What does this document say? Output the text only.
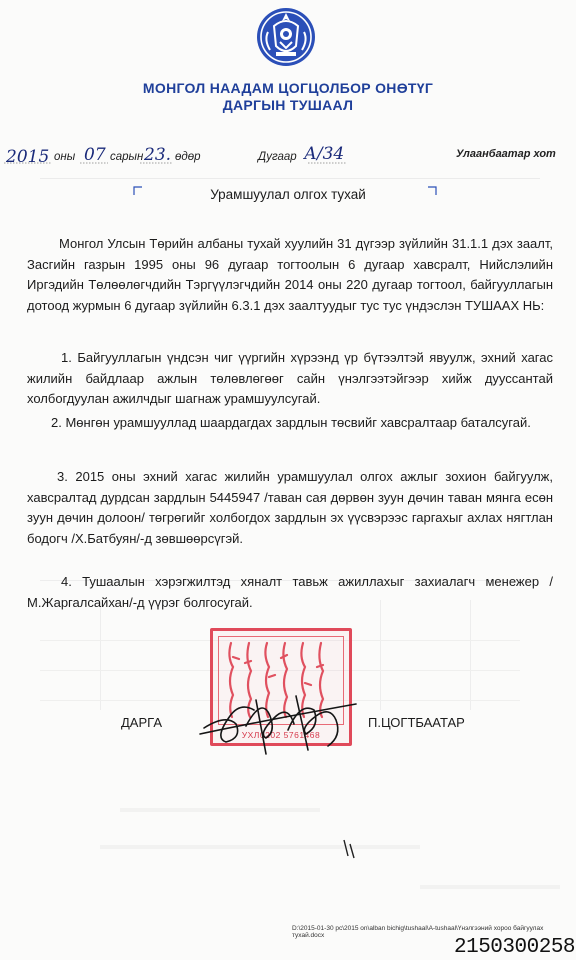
МОНГОЛ НААДАМ ЦОГЦОЛБОР ОНӨТҮГ
ДАРГЫН ТУШААЛ
2015 оны 07 сарын 23. өдөр	Дугаар А/34	Улаанбаатар хот
Урамшуулал олгох тухай
Монгол Улсын Төрийн албаны тухай хуулийн 31 дүгээр зүйлийн 31.1.1 дэх заалт, Засгийн газрын 1995 оны 96 дугаар тогтоолын 6 дугаар хавсралт, Нийслэлийн Иргэдийн Төлөөлөгчдийн Тэргүүлэгчдийн 2014 оны 220 дугаар тогтоол, байгууллагын дотоод журмын 6 дугаар зүйлийн 6.3.1 дэх заалтуудыг тус тус үндэслэн ТУШААХ НЬ:
1. Байгууллагын үндсэн чиг үүргийн хүрээнд үр бүтээлтэй явуулж, эхний хагас жилийн байдлаар ажлын төлөвлөгөөг сайн үнэлгээтэйгээр хийж дуусcантай холбогдуулан ажилчдыг шагнаж урамшуулсугай.
2. Мөнгөн урамшууллад шаардагдах зардлын төсвийг хавсралтаар баталсугай.
3. 2015 оны эхний хагас жилийн урамшуулал олгох ажлыг зохион байгуулж, хавсралтад дурдсан зардлын 5445947 /таван сая дөрвөн зуун дөчин таван мянга есөн зуун дөчин долоон/ төгрөгийг холбогдох зардлын эх үүсвэрээс гаргахыг ахлах нягтлан бодогч /Х.Батбуян/-д зөвшөөрсүгэй.
4. Тушаалын хэрэгжилтэд хяналт тавьж ажиллахыг захиалагч менежер /М.Жаргалсайхан/-д үүрэг болгосугай.
УХЛ0202 5761468
ДАРГА	П.ЦОГТБААТАР
D:\2015-01-30 pc\2015 on\alban bichig\tushaal\A-tushaal\Үнэлгээний хороо байгуулах тухай.docx
2150300258
